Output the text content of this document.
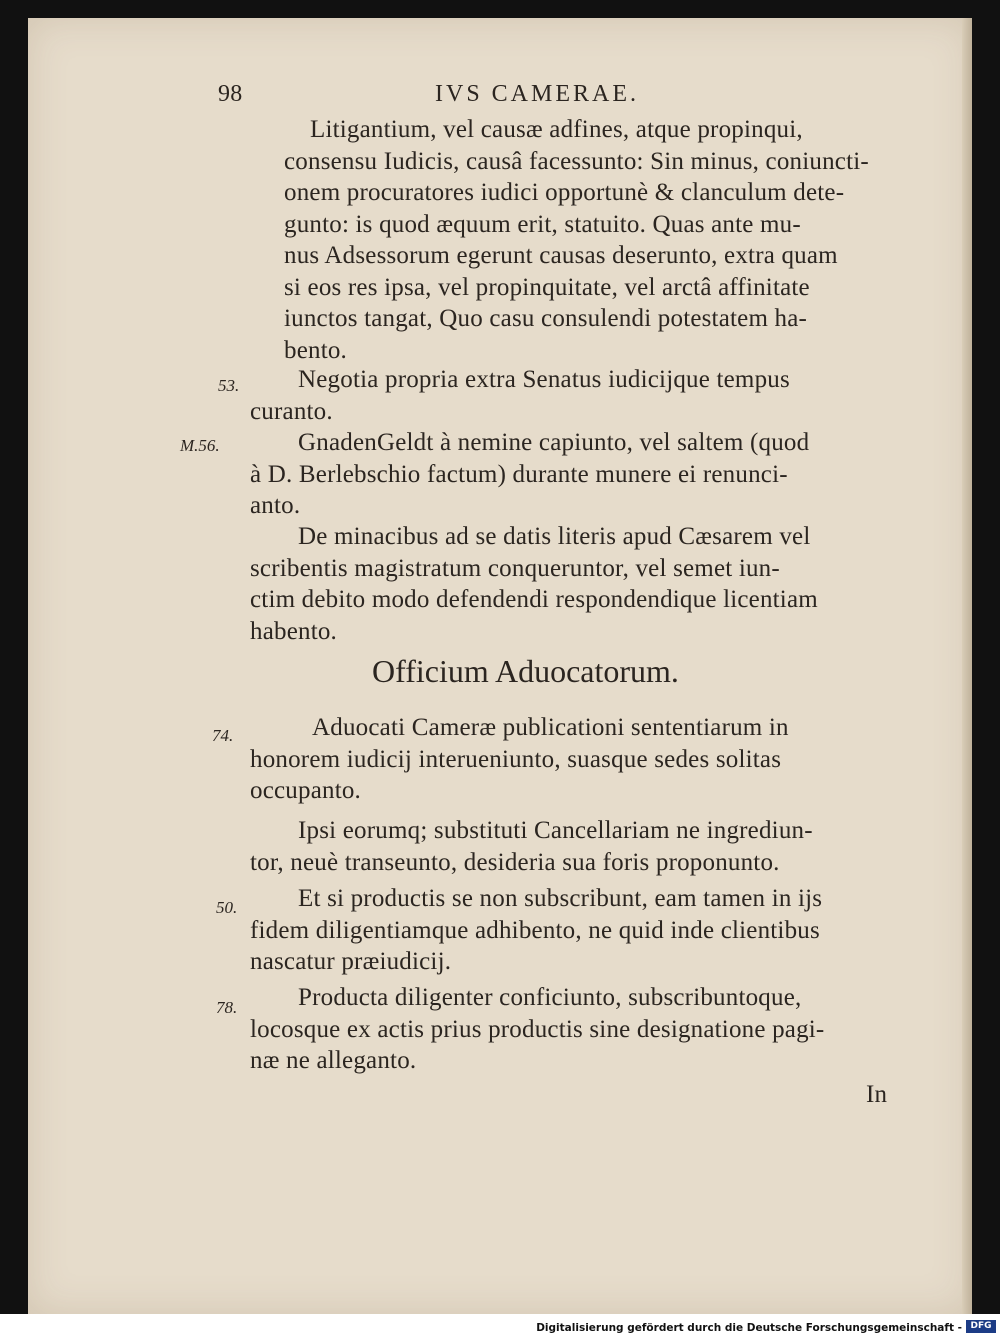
98	IVS CAMERAE.
Litigantium, vel causæ adfines, atque propinqui,
consensu Iudicis, causâ facessunto: Sin minus, coniuncti-
onem procuratores iudici opportunè & clanculum dete-
gunto: is quod æquum erit, statuito. Quas ante mu-
nus Adsessorum egerunt causas deserunto, extra quam
si eos res ipsa, vel propinquitate, vel arctâ affinitate
iunctos tangat, Quo casu consulendi potestatem ha-
bento.
53.	Negotia propria extra Senatus iudicijque tempus
curanto.
M.56.	GnadenGeldt à nemine capiunto, vel saltem (quod
à D. Berlebschio factum) durante munere ei renunci-
anto.
De minacibus ad se datis literis apud Cæsarem vel
scribentis magistratum conqueruntor, vel semet iun-
ctim debito modo defendendi respondendique licentiam
habento.
Officium Aduocatorum.
74.	Aduocati Cameræ publicationi sententiarum in
honorem iudicij interueniunto, suasque sedes solitas
occupanto.
Ipsi eorumq; substituti Cancellariam ne ingrediun-
tor, neuè transeunto, desideria sua foris proponunto.
50.	Et si productis se non subscribunt, eam tamen in ijs
fidem diligentiamque adhibento, ne quid inde clientibus
nascatur præiudicij.
78.	Producta diligenter conficiunto, subscribuntoque,
locosque ex actis prius productis sine designatione pagi-
næ ne alleganto.
In
Digitalisierung gefördert durch die Deutsche Forschungsgemeinschaft - DFG
